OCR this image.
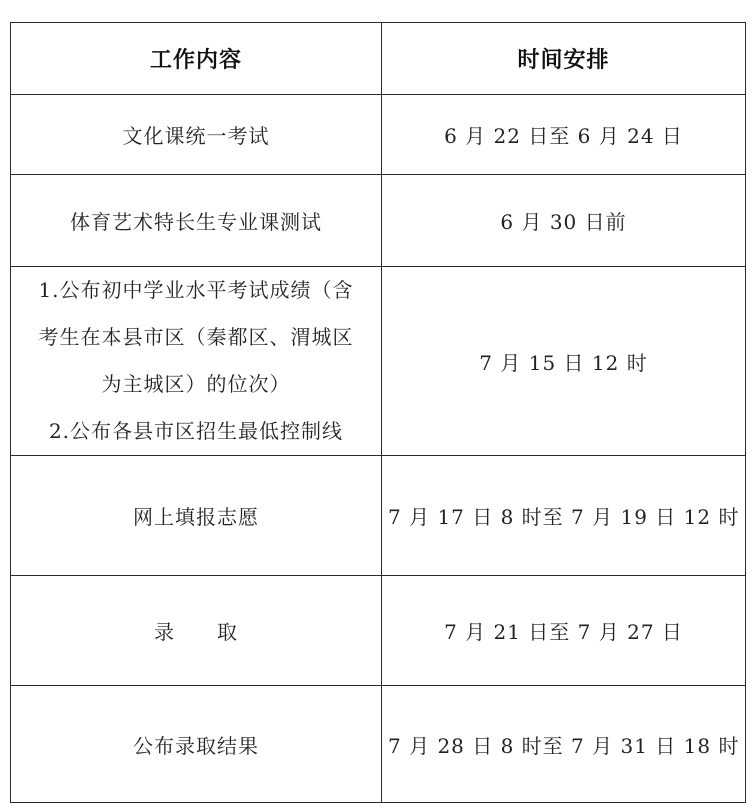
工作内容	时间安排
文化课统一考试	6 月 22 日至 6 月 24 日
体育艺术特长生专业课测试	6 月 30 日前

1.公布初中学业水平考试成绩（含
考生在本县市区（秦都区、渭城区
为主城区）的位次）
2.公布各县市区招生最低控制线	7 月 15 日 12 时
网上填报志愿	7 月 17 日 8 时至 7 月 19 日 12 时
录　　取	7 月 21 日至 7 月 27 日
公布录取结果	7 月 28 日 8 时至 7 月 31 日 18 时
